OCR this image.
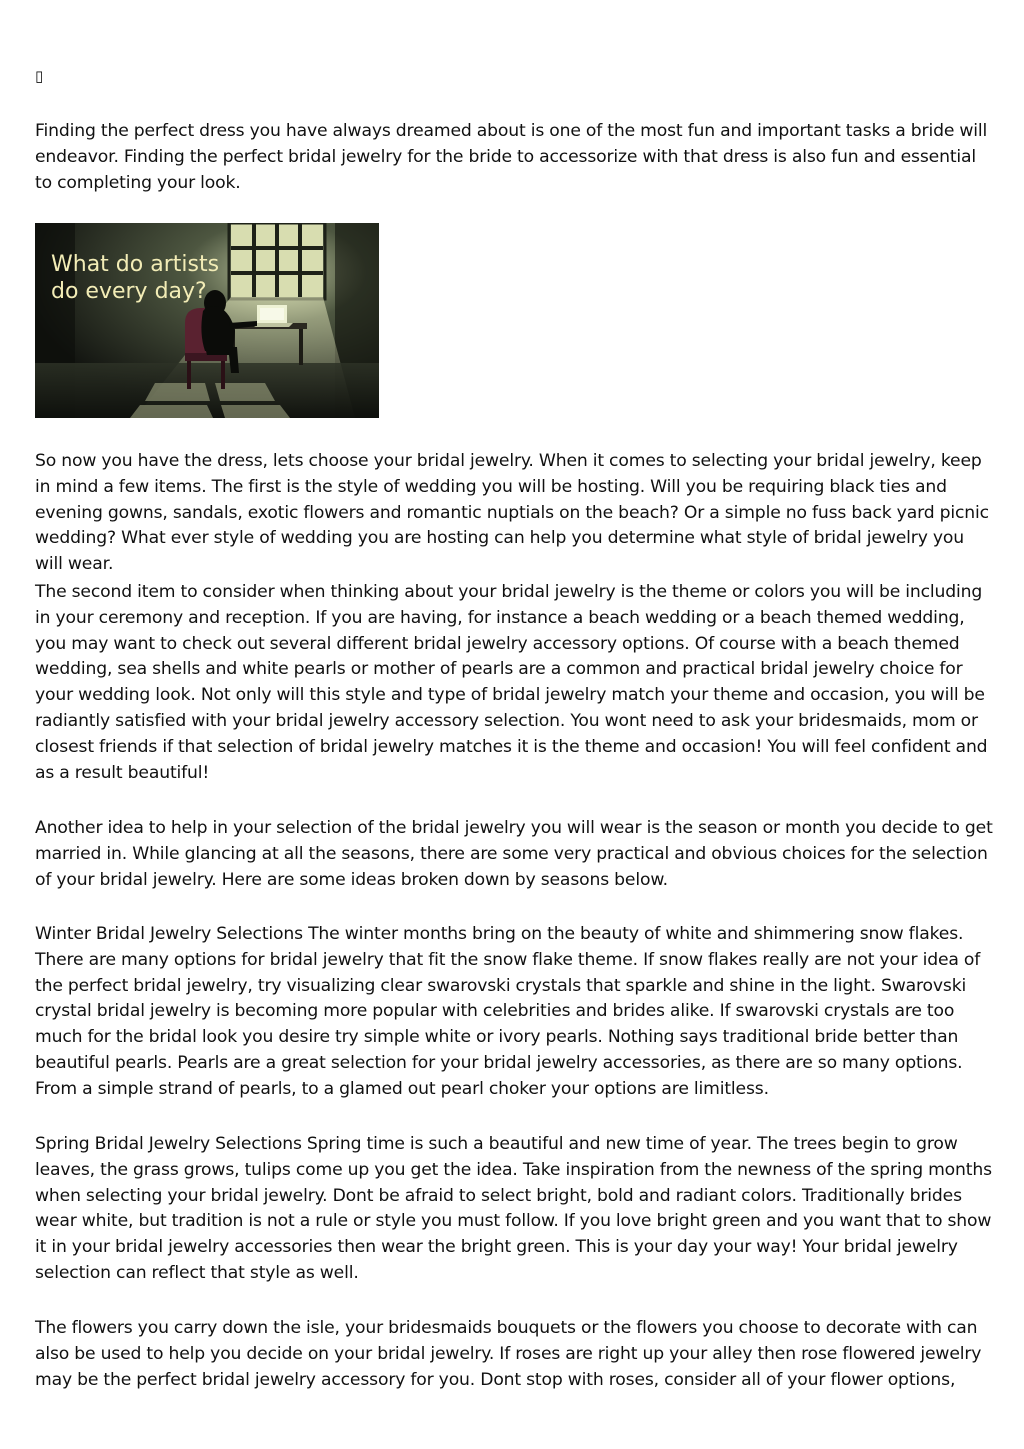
▯

Finding the perfect dress you have always dreamed about is one of the most fun and important tasks a bride will endeavor. Finding the perfect bridal jewelry for the bride to accessorize with that dress is also fun and essential to completing your look.

What do artists
do every day?

So now you have the dress, lets choose your bridal jewelry. When it comes to selecting your bridal jewelry, keep in mind a few items. The first is the style of wedding you will be hosting. Will you be requiring black ties and evening gowns, sandals, exotic flowers and romantic nuptials on the beach? Or a simple no fuss back yard picnic wedding? What ever style of wedding you are hosting can help you determine what style of bridal jewelry you will wear.

The second item to consider when thinking about your bridal jewelry is the theme or colors you will be including in your ceremony and reception. If you are having, for instance a beach wedding or a beach themed wedding, you may want to check out several different bridal jewelry accessory options. Of course with a beach themed wedding, sea shells and white pearls or mother of pearls are a common and practical bridal jewelry choice for your wedding look. Not only will this style and type of bridal jewelry match your theme and occasion, you will be radiantly satisfied with your bridal jewelry accessory selection. You wont need to ask your bridesmaids, mom or closest friends if that selection of bridal jewelry matches it is the theme and occasion! You will feel confident and as a result beautiful!

Another idea to help in your selection of the bridal jewelry you will wear is the season or month you decide to get married in. While glancing at all the seasons, there are some very practical and obvious choices for the selection of your bridal jewelry. Here are some ideas broken down by seasons below.

Winter Bridal Jewelry Selections The winter months bring on the beauty of white and shimmering snow flakes. There are many options for bridal jewelry that fit the snow flake theme. If snow flakes really are not your idea of the perfect bridal jewelry, try visualizing clear swarovski crystals that sparkle and shine in the light. Swarovski crystal bridal jewelry is becoming more popular with celebrities and brides alike. If swarovski crystals are too much for the bridal look you desire try simple white or ivory pearls. Nothing says traditional bride better than beautiful pearls. Pearls are a great selection for your bridal jewelry accessories, as there are so many options. From a simple strand of pearls, to a glamed out pearl choker your options are limitless.

Spring Bridal Jewelry Selections Spring time is such a beautiful and new time of year. The trees begin to grow leaves, the grass grows, tulips come up you get the idea. Take inspiration from the newness of the spring months when selecting your bridal jewelry. Dont be afraid to select bright, bold and radiant colors. Traditionally brides wear white, but tradition is not a rule or style you must follow. If you love bright green and you want that to show it in your bridal jewelry accessories then wear the bright green. This is your day your way! Your bridal jewelry selection can reflect that style as well.

The flowers you carry down the isle, your bridesmaids bouquets or the flowers you choose to decorate with can also be used to help you decide on your bridal jewelry. If roses are right up your alley then rose flowered jewelry may be the perfect bridal jewelry accessory for you. Dont stop with roses, consider all of your flower options,
